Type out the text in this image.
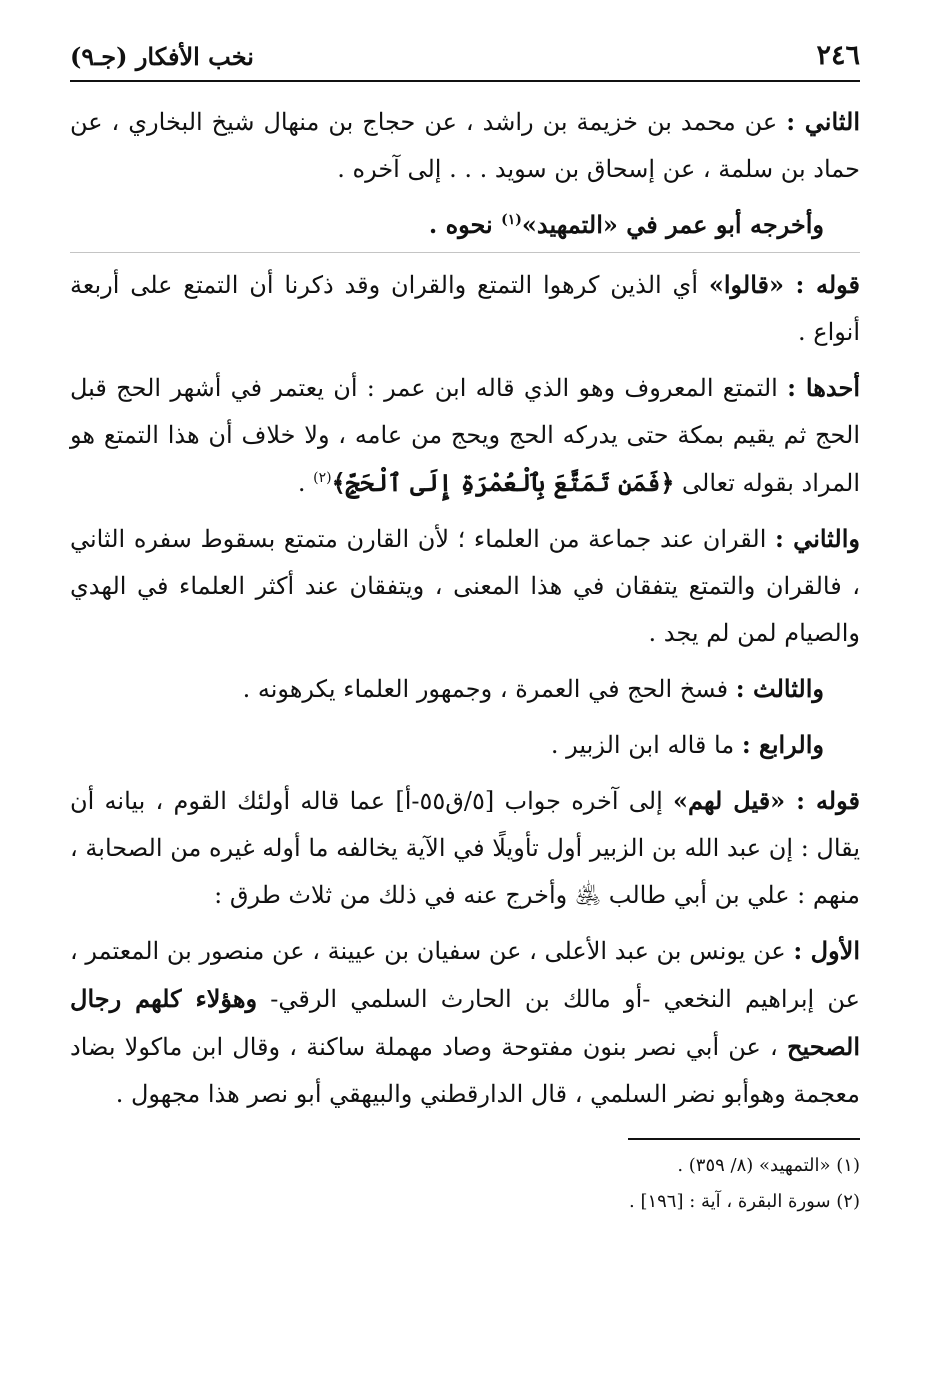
٢٤٦
نخب الأفكار (جـ٩)

الثاني : عن محمد بن خزيمة بن راشد ، عن حجاج بن منهال شيخ البخاري ، عن حماد بن سلمة ، عن إسحاق بن سويد . . . إلى آخره .

وأخرجه أبو عمر في «التمهيد»$^{(١)}$ نحوه .

قوله : «قالوا» أي الذين كرهوا التمتع والقران وقد ذكرنا أن التمتع على أربعة أنواع .

أحدها : التمتع المعروف وهو الذي قاله ابن عمر : أن يعتمر في أشهر الحج قبل الحج ثم يقيم بمكة حتى يدركه الحج ويحج من عامه ، ولا خلاف أن هذا التمتع هو المراد بقوله تعالى ﴿فَمَن تَمَتَّعَ بِٱلْعُمْرَةِ إِلَى ٱلْحَجِّ﴾$^{(٢)}$ .

والثاني : القران عند جماعة من العلماء ؛ لأن القارن متمتع بسقوط سفره الثاني ، فالقران والتمتع يتفقان في هذا المعنى ، ويتفقان عند أكثر العلماء في الهدي والصيام لمن لم يجد .

والثالث : فسخ الحج في العمرة ، وجمهور العلماء يكرهونه .

والرابع : ما قاله ابن الزبير .

قوله : «قيل لهم» إلى آخره جواب [٥/ق٥٥-أ] عما قاله أولئك القوم ، بيانه أن يقال : إن عبد الله بن الزبير أول تأويلًا في الآية يخالفه ما أوله غيره من الصحابة ، منهم : علي بن أبي طالب ﵁ وأخرج عنه في ذلك من ثلاث طرق :

الأول : عن يونس بن عبد الأعلى ، عن سفيان بن عيينة ، عن منصور بن المعتمر ، عن إبراهيم النخعي -أو مالك بن الحارث السلمي الرقي- وهؤلاء كلهم رجال الصحيح ، عن أبي نصر بنون مفتوحة وصاد مهملة ساكنة ، وقال ابن ماكولا بضاد معجمة وهوأبو نضر السلمي ، قال الدارقطني والبيهقي أبو نصر هذا مجهول .

(١) «التمهيد» (٨/ ٣٥٩) .
(٢) سورة البقرة ، آية : [١٩٦] .
